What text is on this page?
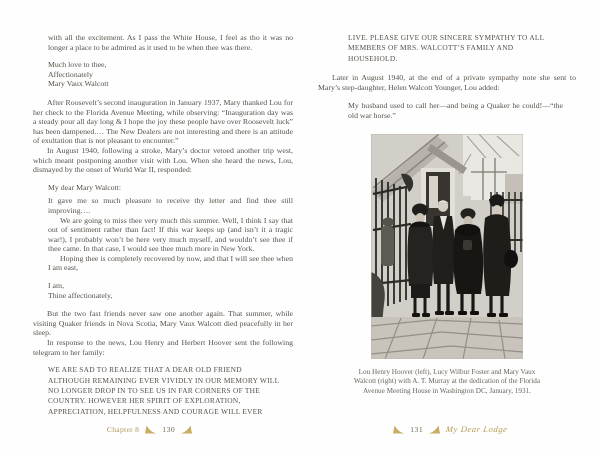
with all the excitement. As I pass the White House, I feel as tho it was no longer a place to be admired as it used to be when thee was there.
Much love to thee,
Affectionately
Mary Vaux Walcott

After Roosevelt’s second inauguration in January 1937, Mary thanked Lou for her check to the Florida Avenue Meeting, while observing: “Inauguration day was a steady pour all day long & I hope the joy these people have over Roosevelt luck” has been dampened.… The New Dealers are not interesting and there is an attitude of exultation that is not pleasant to encounter.”

In August 1940, following a stroke, Mary’s doctor vetoed another trip west, which meant postponing another visit with Lou. When she heard the news, Lou, dismayed by the onset of World War II, responded:

My dear Mary Walcott:

It gave me so much pleasure to receive thy letter and find thee still improving….

We are going to miss thee very much this summer. Well, I think I say that out of sentiment rather than fact! If this war keeps up (and isn’t it a tragic war!), I probably won’t be here very much myself, and wouldn’t see thee if thee came. In that case, I would see thee much more in New York.

Hoping thee is completely recovered by now, and that I will see thee when I am east,

I am,
Thine affectionately,

But the two fast friends never saw one another again. That summer, while visiting Quaker friends in Nova Scotia, Mary Vaux Walcott died peacefully in her sleep.

In response to the news, Lou Henry and Herbert Hoover sent the following telegram to her family:

WE ARE SAD TO REALIZE THAT A DEAR OLD FRIEND ALTHOUGH REMAINING EVER VIVIDLY IN OUR MEMORY WILL NO LONGER DROP IN TO SEE US IN FAR CORNERS OF THE COUNTRY. HOWEVER HER SPIRIT OF EXPLORATION, APPRECIATION, HELPFULNESS AND COURAGE WILL EVER
Chapter 8	130
LIVE. PLEASE GIVE OUR SINCERE SYMPATHY TO ALL MEMBERS OF MRS. WALCOTT’S FAMILY AND HOUSEHOLD.

Later in August 1940, at the end of a private sympathy note she sent to Mary’s step-daughter, Helen Walcott Younger, Lou added:

My husband used to call her—and being a Quaker he could!—“the old war horse.”
Lou Henry Hoover (left), Lucy Wilbur Foster and Mary Vaux Walcott (right) with A. T. Murray at the dedication of the Florida Avenue Meeting House in Washington DC, January, 1931.
131	My Dear Lodge
